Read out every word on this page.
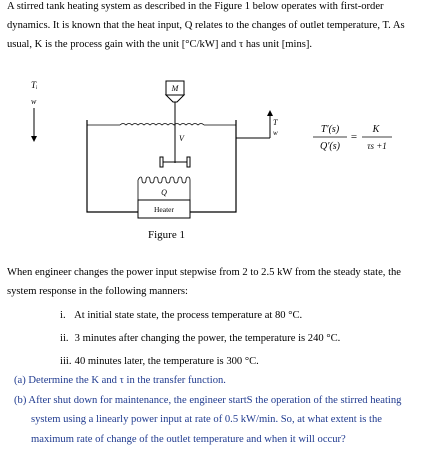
A stirred tank heating system as described in the Figure 1 below operates with first-order
dynamics. It is known that the heat input, Q relates to the changes of outlet temperature, T. As
usual, K is the process gain with the unit [°C/kW] and τ has unit [mins].
Tᵢ
w
M
V
Q
Heater
T
w	T′(s)
Q′(s)
=
K
τs +1
Figure 1
When engineer changes the power input stepwise from 2 to 2.5 kW from the steady state, the
system response in the following manners:
i. At initial state state, the process temperature at 80 °C.
ii. 3 minutes after changing the power, the temperature is 240 °C.
iii. 40 minutes later, the temperature is 300 °C.
(a) Determine the K and τ in the transfer function.
(b) After shut down for maintenance, the engineer startS the operation of the stirred heating
system using a linearly power input at rate of 0.5 kW/min. So, at what extent is the
maximum rate of change of the outlet temperature and when it will occur?
